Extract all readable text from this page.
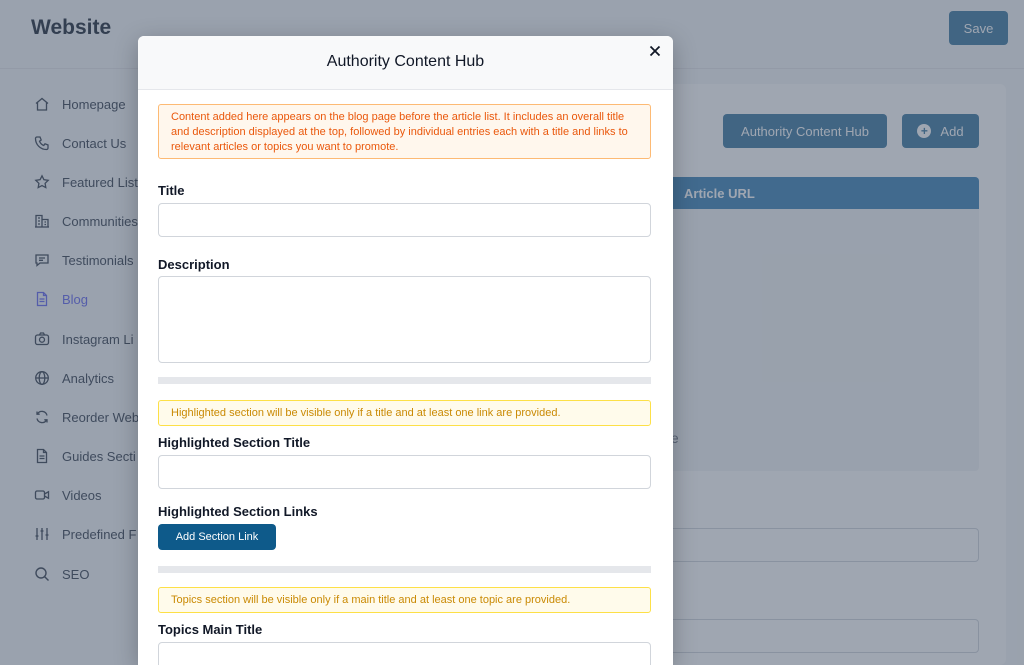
Authority Content Hub
Content added here appears on the blog page before the article list. It includes an overall title and description displayed at the top, followed by individual entries each with a title and links to relevant articles or topics you want to promote.
Title
Description
Highlighted section will be visible only if a title and at least one link are provided.
Highlighted Section Title
Highlighted Section Links
Add Section Link
Topics section will be visible only if a main title and at least one topic are provided.
Topics Main Title
